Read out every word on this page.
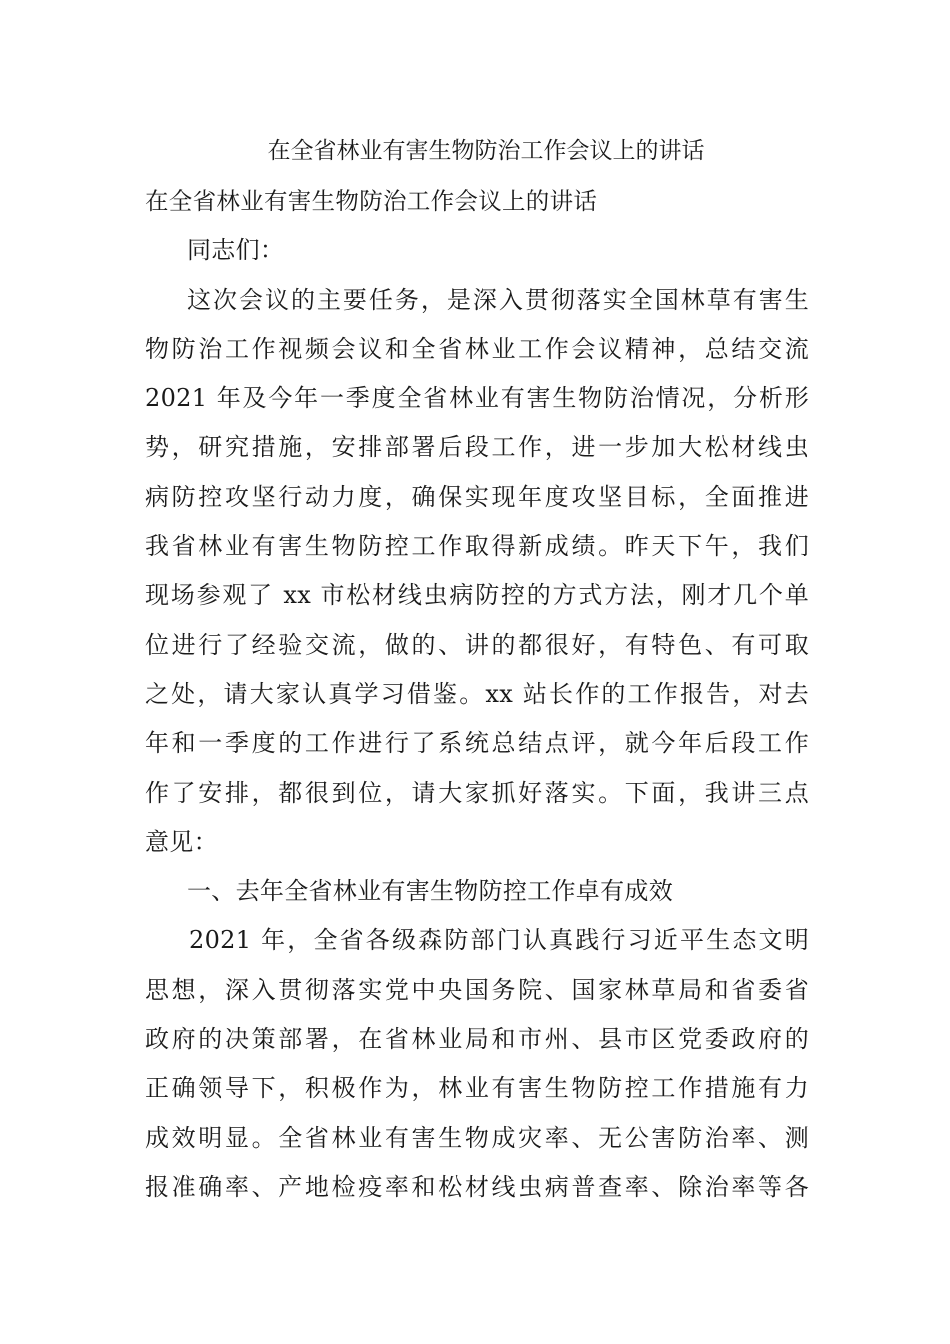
在全省林业有害生物防治工作会议上的讲话
在全省林业有害生物防治工作会议上的讲话
同志们：
这次会议的主要任务，是深入贯彻落实全国林草有害生
物防治工作视频会议和全省林业工作会议精神，总结交流
2021 年及今年一季度全省林业有害生物防治情况，分析形
势，研究措施，安排部署后段工作，进一步加大松材线虫
病防控攻坚行动力度，确保实现年度攻坚目标，全面推进
我省林业有害生物防控工作取得新成绩。昨天下午，我们
现场参观了 xx 市松材线虫病防控的方式方法，刚才几个单
位进行了经验交流，做的、讲的都很好，有特色、有可取
之处，请大家认真学习借鉴。xx 站长作的工作报告，对去
年和一季度的工作进行了系统总结点评，就今年后段工作
作了安排，都很到位，请大家抓好落实。下面，我讲三点
意见：
一、去年全省林业有害生物防控工作卓有成效
2021 年，全省各级森防部门认真践行习近平生态文明
思想，深入贯彻落实党中央国务院、国家林草局和省委省
政府的决策部署，在省林业局和市州、县市区党委政府的
正确领导下，积极作为，林业有害生物防控工作措施有力
成效明显。全省林业有害生物成灾率、无公害防治率、测
报准确率、产地检疫率和松材线虫病普查率、除治率等各
